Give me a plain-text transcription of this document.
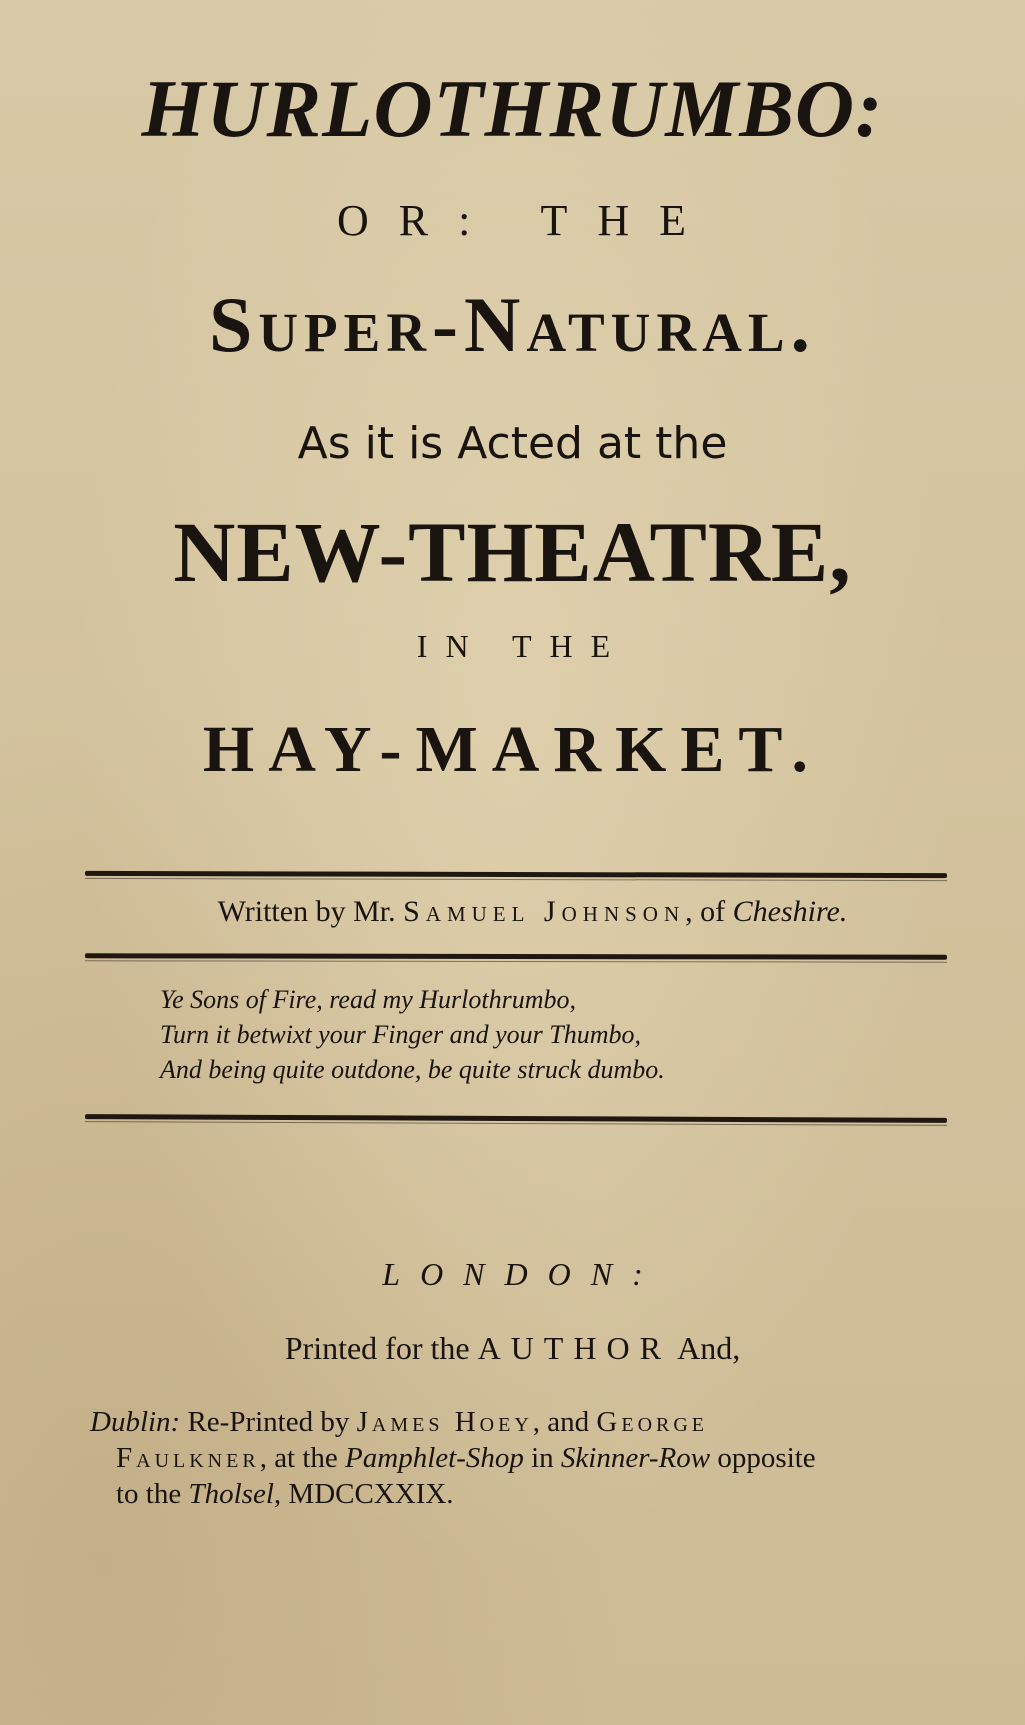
HURLOTHRUMBO:
OR: THE
Super-Natural.
As it is Acted at the
NEW-THEATRE,
IN THE
HAY-MARKET.
Written by Mr. Samuel Johnson, of Cheshire.
Ye Sons of Fire, read my Hurlothrumbo,
Turn it betwixt your Finger and your Thumbo,
And being quite outdone, be quite struck dumbo.
LONDON:
Printed for the AUTHOR And,
Dublin: Re-Printed by James Hoey, and George
Faulkner, at the Pamphlet-Shop in Skinner-Row opposite
to the Tholsel, MDCCXXIX.
